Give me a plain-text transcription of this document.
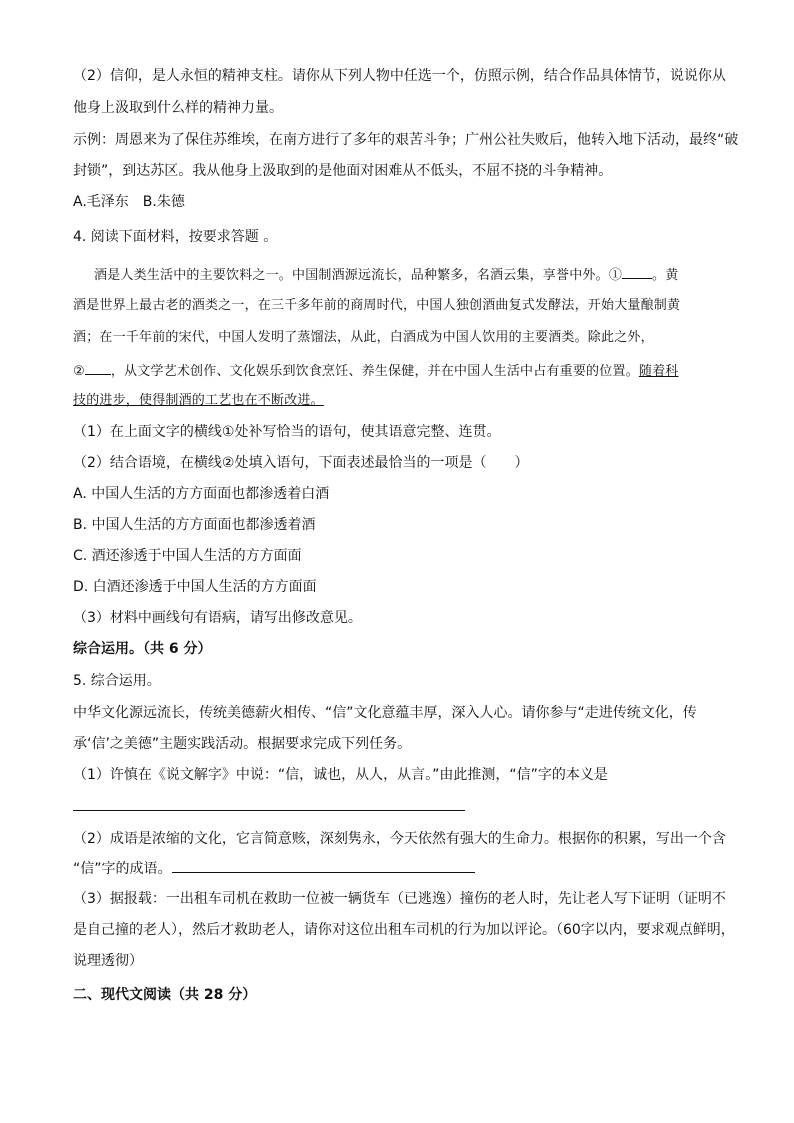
（2）信仰，是人永恒的精神支柱。请你从下列人物中任选一个，仿照示例，结合作品具体情节，说说你从
他身上汲取到什么样的精神力量。
示例：周恩来为了保住苏维埃，在南方进行了多年的艰苦斗争；广州公社失败后，他转入地下活动，最终“破
封锁”，到达苏区。我从他身上汲取到的是他面对困难从不低头，不屈不挠的斗争精神。
A.毛泽东　B.朱德
4. 阅读下面材料，按要求答题 。
酒是人类生活中的主要饮料之一。中国制酒源远流长，品种繁多，名酒云集，享誉中外。① 。黄
酒是世界上最古老的酒类之一，在三千多年前的商周时代，中国人独创酒曲复式发酵法，开始大量酿制黄
酒；在一千年前的宋代，中国人发明了蒸馏法，从此，白酒成为中国人饮用的主要酒类。除此之外，
② ，从文学艺术创作、文化娱乐到饮食烹饪、养生保健，并在中国人生活中占有重要的位置。随着科
技的进步，使得制酒的工艺也在不断改进。
（1）在上面文字的横线①处补写恰当的语句，使其语意完整、连贯。
（2）结合语境，在横线②处填入语句，下面表述最恰当的一项是（　　）
A. 中国人生活的方方面面也都渗透着白酒
B. 中国人生活的方方面面也都渗透着酒
C. 酒还渗透于中国人生活的方方面面
D. 白酒还渗透于中国人生活的方方面面
（3）材料中画线句有语病，请写出修改意见。
综合运用。（共 6 分）
5. 综合运用。
中华文化源远流长，传统美德薪火相传、“信”文化意蕴丰厚，深入人心。请你参与“走进传统文化，传
承‘信’之美德”主题实践活动。根据要求完成下列任务。
（1）许慎在《说文解字》中说：“信，诚也，从人，从言。”由此推测，“信”字的本义是
（2）成语是浓缩的文化，它言简意赅，深刻隽永，今天依然有强大的生命力。根据你的积累，写出一个含
“信”字的成语。
（3）据报载：一出租车司机在救助一位被一辆货车（已逃逸）撞伤的老人时，先让老人写下证明（证明不
是自己撞的老人），然后才救助老人，请你对这位出租车司机的行为加以评论。（60字以内，要求观点鲜明，
说理透彻）
二、现代文阅读（共 28 分）
